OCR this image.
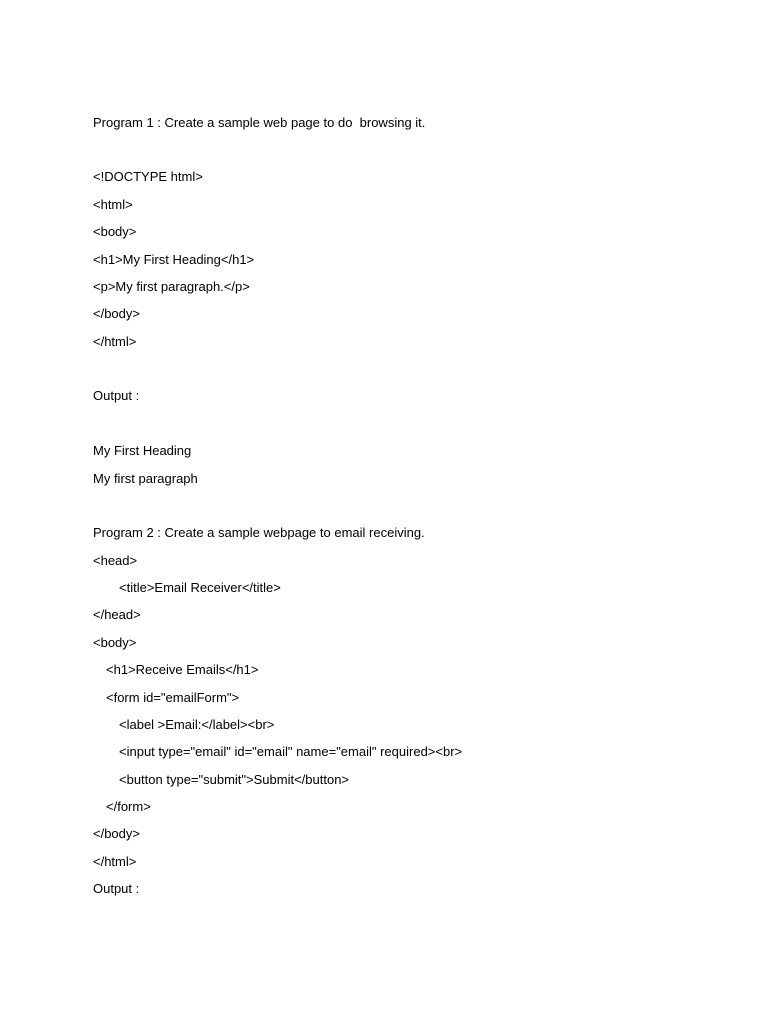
Program 1 : Create a sample web page to do  browsing it.
<!DOCTYPE html>
<html>
<body>
<h1>My First Heading</h1>
<p>My first paragraph.</p>
</body>
</html>
Output :
My First Heading
My first paragraph
Program 2 : Create a sample webpage to email receiving.
<head>
<title>Email Receiver</title>
</head>
<body>
<h1>Receive Emails</h1>
<form id="emailForm">
<label >Email:</label><br>
<input type="email" id="email" name="email" required><br>
<button type="submit">Submit</button>
</form>
</body>
</html>
Output :
